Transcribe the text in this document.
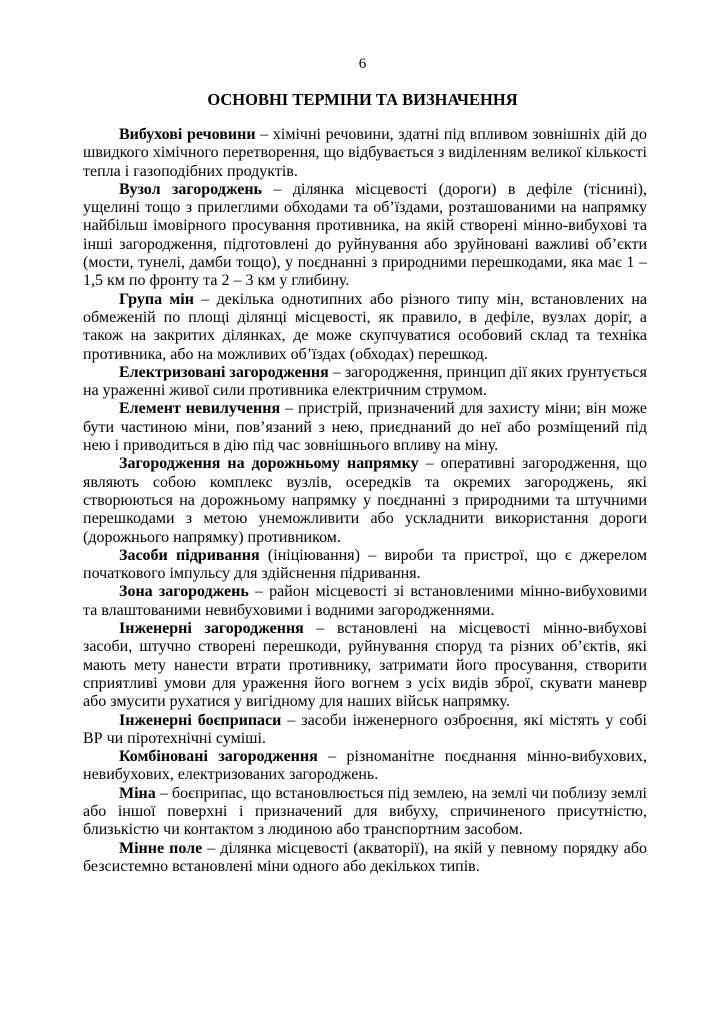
6
ОСНОВНІ ТЕРМІНИ ТА ВИЗНАЧЕННЯ

Вибухові речовини – хімічні речовини, здатні під впливом зовнішніх дій до швидкого хімічного перетворення, що відбувається з виділенням великої кількості тепла і газоподібних продуктів.

Вузол загороджень – ділянка місцевості (дороги) в дефіле (тіснині), ущелині тощо з прилеглими обходами та об’їздами, розташованими на напрямку найбільш імовірного просування противника, на якій створені мінно-вибухові та інші загородження, підготовлені до руйнування або зруйновані важливі об’єкти (мости, тунелі, дамби тощо), у поєднанні з природними перешкодами, яка має 1 – 1,5 км по фронту та 2 – 3 км у глибину.

Група мін – декілька однотипних або різного типу мін, встановлених на обмеженій по площі ділянці місцевості, як правило, в дефіле, вузлах доріг, а також на закритих ділянках, де може скупчуватися особовий склад та техніка противника, або на можливих об’їздах (обходах) перешкод.

Електризовані загородження – загородження, принцип дії яких ґрунтується на ураженні живої сили противника електричним струмом.

Елемент невилучення – пристрій, призначений для захисту міни; він може бути частиною міни, пов’язаний з нею, приєднаний до неї або розміщений під нею і приводиться в дію під час зовнішнього впливу на міну.

Загородження на дорожньому напрямку – оперативні загородження, що являють собою комплекс вузлів, осередків та окремих загороджень, які створюються на дорожньому напрямку у поєднанні з природними та штучними перешкодами з метою унеможливити або ускладнити використання дороги (дорожнього напрямку) противником.

Засоби підривання (ініціювання) – вироби та пристрої, що є джерелом початкового імпульсу для здійснення підривання.

Зона загороджень – район місцевості зі встановленими мінно-вибуховими та влаштованими невибуховими і водними загородженнями.

Інженерні загородження – встановлені на місцевості мінно-вибухові засоби, штучно створені перешкоди, руйнування споруд та різних об’єктів, які мають мету нанести втрати противнику, затримати його просування, створити сприятливі умови для ураження його вогнем з усіх видів зброї, скувати маневр або змусити рухатися у вигідному для наших військ напрямку.

Інженерні боєприпаси – засоби інженерного озброєння, які містять у собі ВР чи піротехнічні суміші.

Комбіновані загородження – різноманітне поєднання мінно-вибухових, невибухових, електризованих загороджень.

Міна – боєприпас, що встановлюється під землею, на землі чи поблизу землі або іншої поверхні і призначений для вибуху, спричиненого присутністю, близькістю чи контактом з людиною або транспортним засобом.

Мінне поле – ділянка місцевості (акваторії), на якій у певному порядку або безсистемно встановлені міни одного або декількох типів.
